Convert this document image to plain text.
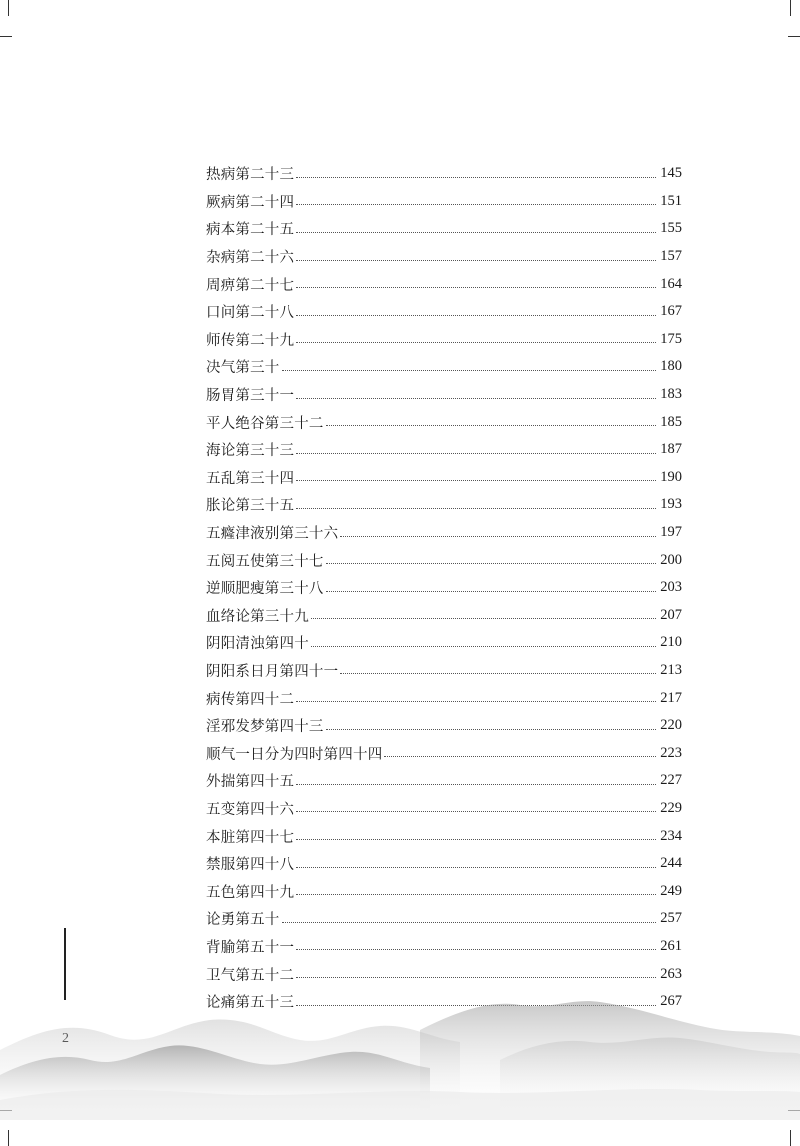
热病第二十三	145
厥病第二十四	151
病本第二十五	155
杂病第二十六	157
周痹第二十七	164
口问第二十八	167
师传第二十九	175
决气第三十	180
肠胃第三十一	183
平人绝谷第三十二	185
海论第三十三	187
五乱第三十四	190
胀论第三十五	193
五癃津液别第三十六	197
五阅五使第三十七	200
逆顺肥瘦第三十八	203
血络论第三十九	207
阴阳清浊第四十	210
阴阳系日月第四十一	213
病传第四十二	217
淫邪发梦第四十三	220
顺气一日分为四时第四十四	223
外揣第四十五	227
五变第四十六	229
本脏第四十七	234
禁服第四十八	244
五色第四十九	249
论勇第五十	257
背腧第五十一	261
卫气第五十二	263
论痛第五十三	267
